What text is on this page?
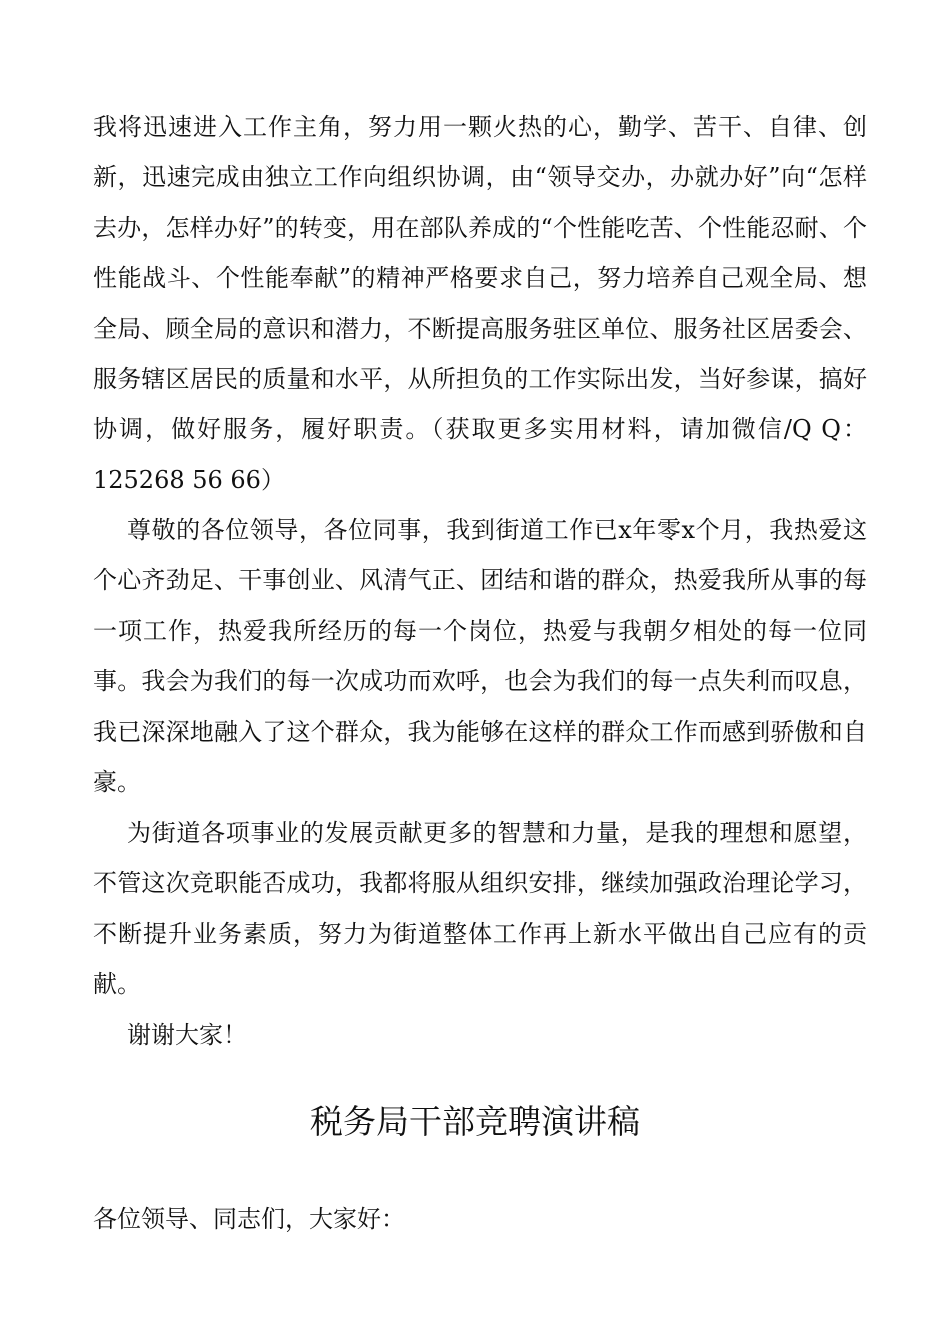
我将迅速进入工作主角，努力用一颗火热的心，勤学、苦干、自律、创新，迅速完成由独立工作向组织协调，由“领导交办，办就办好”向“怎样去办，怎样办好”的转变，用在部队养成的“个性能吃苦、个性能忍耐、个性能战斗、个性能奉献”的精神严格要求自己，努力培养自己观全局、想全局、顾全局的意识和潜力，不断提高服务驻区单位、服务社区居委会、服务辖区居民的质量和水平，从所担负的工作实际出发，当好参谋，搞好协调，做好服务，履好职责。（获取更多实用材料，请加微信/Q Q：125268 56 66）

尊敬的各位领导，各位同事，我到街道工作已x年零x个月，我热爱这个心齐劲足、干事创业、风清气正、团结和谐的群众，热爱我所从事的每一项工作，热爱我所经历的每一个岗位，热爱与我朝夕相处的每一位同事。我会为我们的每一次成功而欢呼，也会为我们的每一点失利而叹息，我已深深地融入了这个群众，我为能够在这样的群众工作而感到骄傲和自豪。

为街道各项事业的发展贡献更多的智慧和力量，是我的理想和愿望，不管这次竞职能否成功，我都将服从组织安排，继续加强政治理论学习，不断提升业务素质，努力为街道整体工作再上新水平做出自己应有的贡献。

谢谢大家！

税务局干部竞聘演讲稿

各位领导、同志们，大家好：
